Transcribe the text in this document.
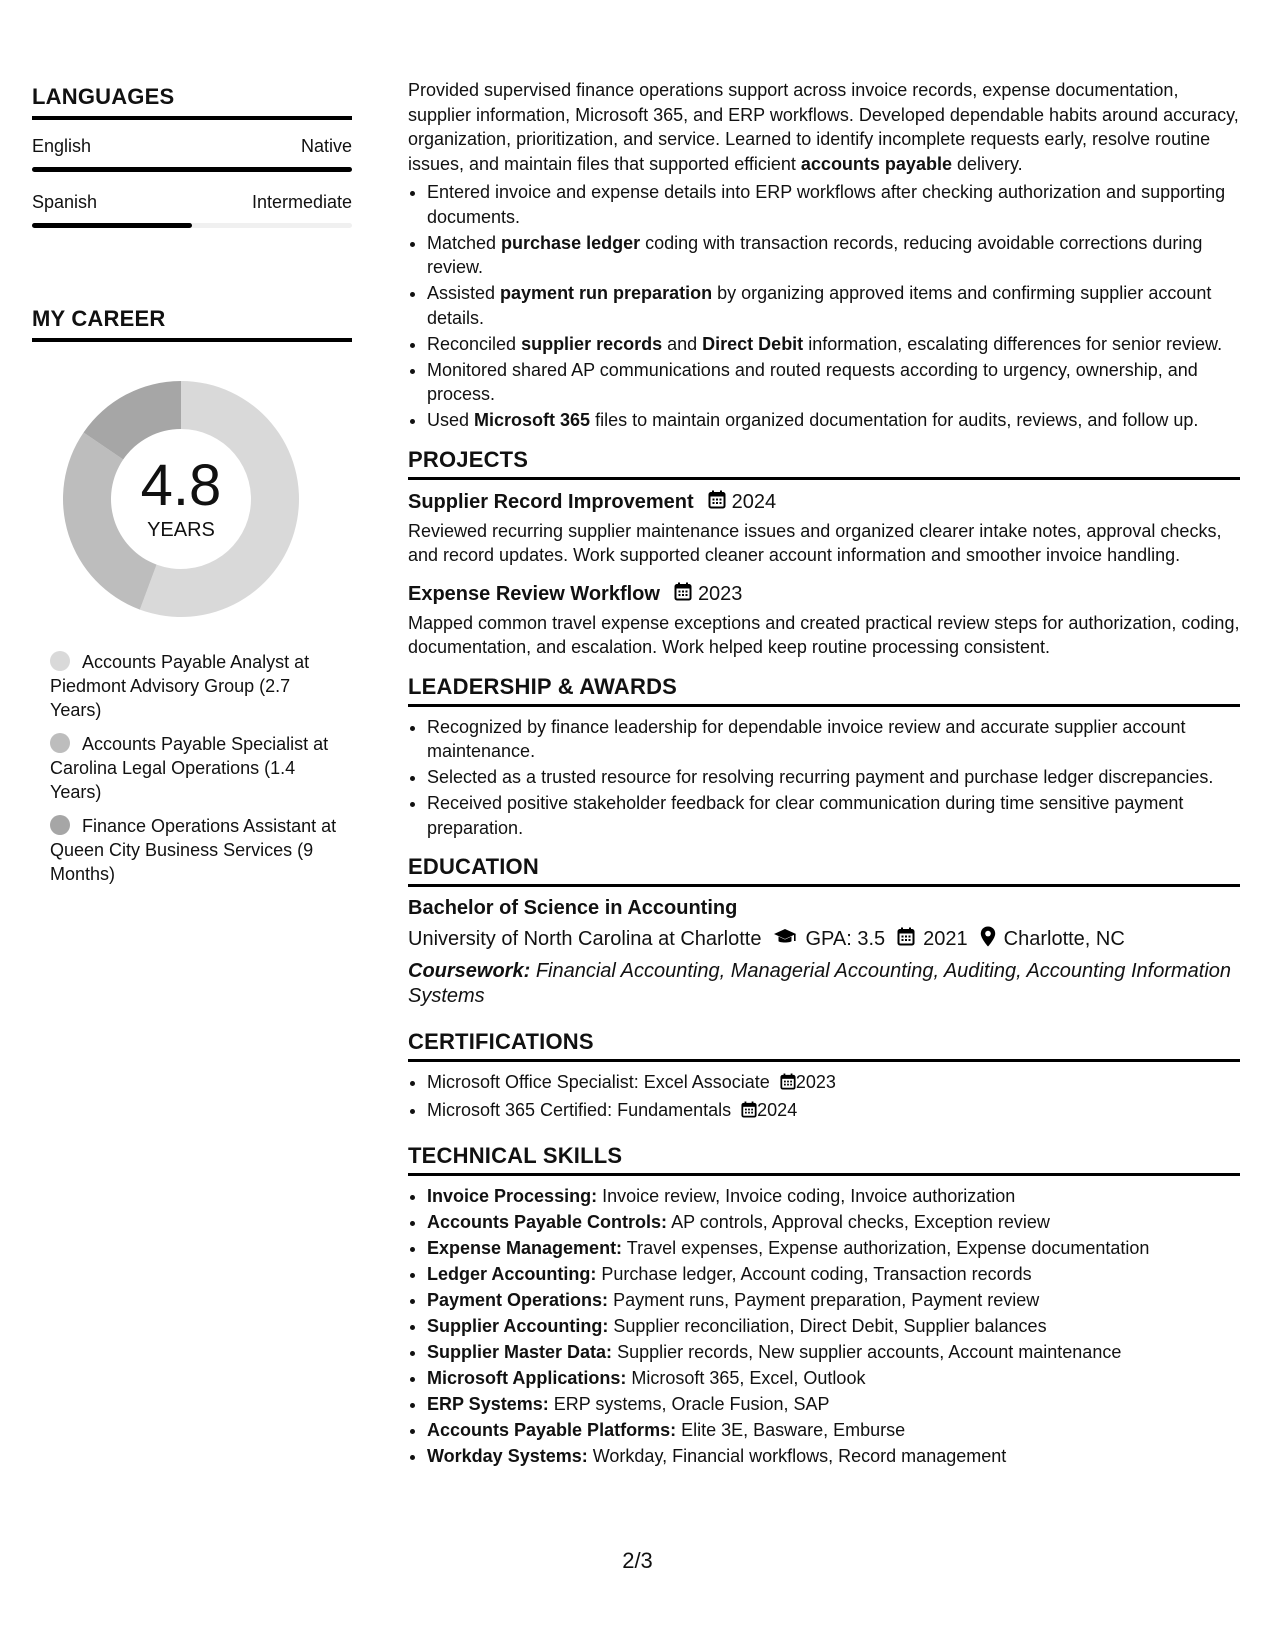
LANGUAGES
English	Native
Spanish	Intermediate
MY CAREER
4.8
YEARS
Accounts Payable Analyst at Piedmont Advisory Group (2.7 Years)
Accounts Payable Specialist at Carolina Legal Operations (1.4 Years)
Finance Operations Assistant at Queen City Business Services (9 Months)

Provided supervised finance operations support across invoice records, expense documentation, supplier information, Microsoft 365, and ERP workflows. Developed dependable habits around accuracy, organization, prioritization, and service. Learned to identify incomplete requests early, resolve routine issues, and maintain files that supported efficient accounts payable delivery.

• Entered invoice and expense details into ERP workflows after checking authorization and supporting documents.
• Matched purchase ledger coding with transaction records, reducing avoidable corrections during review.
• Assisted payment run preparation by organizing approved items and confirming supplier account details.
• Reconciled supplier records and Direct Debit information, escalating differences for senior review.
• Monitored shared AP communications and routed requests according to urgency, ownership, and process.
• Used Microsoft 365 files to maintain organized documentation for audits, reviews, and follow up.
PROJECTS
Supplier Record Improvement 2024

Reviewed recurring supplier maintenance issues and organized clearer intake notes, approval checks, and record updates. Work supported cleaner account information and smoother invoice handling.

Expense Review Workflow 2023

Mapped common travel expense exceptions and created practical review steps for authorization, coding, documentation, and escalation. Work helped keep routine processing consistent.

LEADERSHIP & AWARDS
• Recognized by finance leadership for dependable invoice review and accurate supplier account maintenance.
• Selected as a trusted resource for resolving recurring payment and purchase ledger discrepancies.
• Received positive stakeholder feedback for clear communication during time sensitive payment preparation.
EDUCATION
Bachelor of Science in Accounting
University of North Carolina at Charlotte GPA: 3.5 2021 Charlotte, NC
Coursework: Financial Accounting, Managerial Accounting, Auditing, Accounting Information Systems
CERTIFICATIONS
• Microsoft Office Specialist: Excel Associate 2023
• Microsoft 365 Certified: Fundamentals 2024
TECHNICAL SKILLS
• Invoice Processing: Invoice review, Invoice coding, Invoice authorization
• Accounts Payable Controls: AP controls, Approval checks, Exception review
• Expense Management: Travel expenses, Expense authorization, Expense documentation
• Ledger Accounting: Purchase ledger, Account coding, Transaction records
• Payment Operations: Payment runs, Payment preparation, Payment review
• Supplier Accounting: Supplier reconciliation, Direct Debit, Supplier balances
• Supplier Master Data: Supplier records, New supplier accounts, Account maintenance
• Microsoft Applications: Microsoft 365, Excel, Outlook
• ERP Systems: ERP systems, Oracle Fusion, SAP
• Accounts Payable Platforms: Elite 3E, Basware, Emburse
• Workday Systems: Workday, Financial workflows, Record management
2/3
